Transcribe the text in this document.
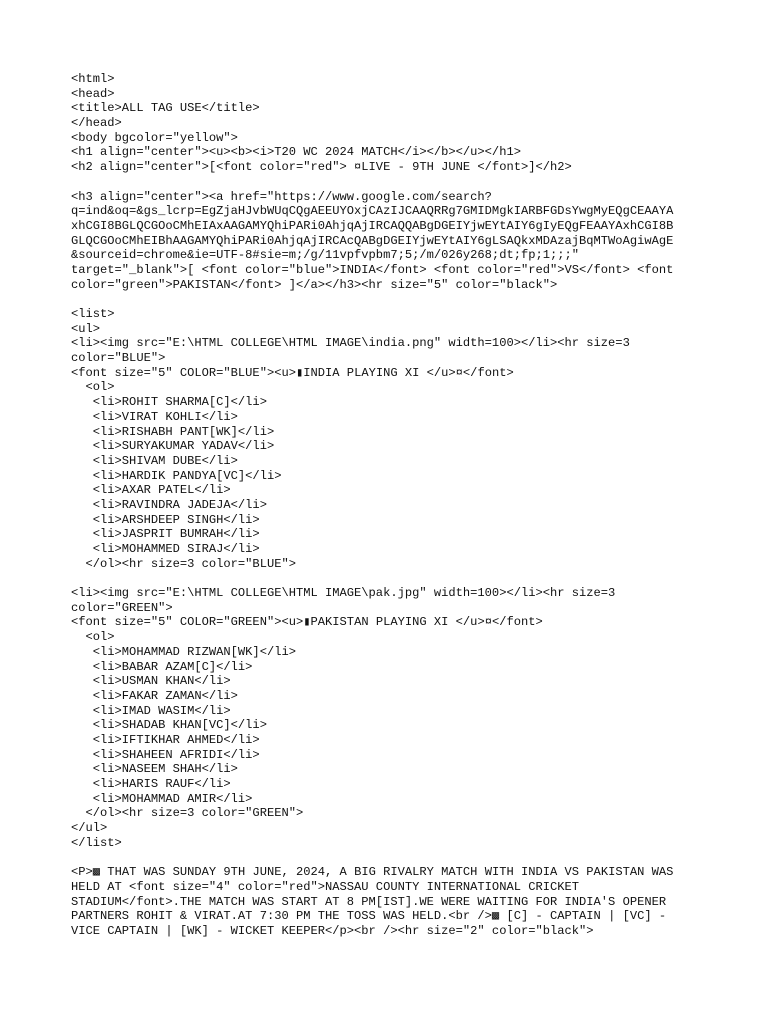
<html>
<head>
<title>ALL TAG USE</title>
</head>
<body bgcolor="yellow">
<h1 align="center"><u><b><i>T20 WC 2024 MATCH</i></b></u></h1>
<h2 align="center">[<font color="red"> ¤LIVE - 9TH JUNE </font>]</h2>
<h3 align="center"><a href="https://www.google.com/search?
q=ind&oq=&gs_lcrp=EgZjaHJvbWUqCQgAEEUYOxjCAzIJCAAQRRg7GMIDMgkIARBFGDsYwgMyEQgCEAAYA
xhCGI8BGLQCGOoCMhEIAxAAGAMYQhiPARi0AhjqAjIRCAQQABgDGEIYjwEYtAIY6gIyEQgFEAAYAxhCGI8B
GLQCGOoCMhEIBhAAGAMYQhiPARi0AhjqAjIRCAcQABgDGEIYjwEYtAIY6gLSAQkxMDAzajBqMTWoAgiwAgE
&sourceid=chrome&ie=UTF-8#sie=m;/g/11vpfvpbm7;5;/m/026y268;dt;fp;1;;;"
target="_blank">[ <font color="blue">INDIA</font> <font color="red">VS</font> <font
color="green">PAKISTAN</font> ]</a></h3><hr size="5" color="black">
<list>
<ul>
<li><img src="E:\HTML COLLEGE\HTML IMAGE\india.png" width=100></li><hr size=3
color="BLUE">
<font size="5" COLOR="BLUE"><u>▮INDIA PLAYING XI </u>¤</font>
<ol>
<li>ROHIT SHARMA[C]</li>
<li>VIRAT KOHLI</li>
<li>RISHABH PANT[WK]</li>
<li>SURYAKUMAR YADAV</li>
<li>SHIVAM DUBE</li>
<li>HARDIK PANDYA[VC]</li>
<li>AXAR PATEL</li>
<li>RAVINDRA JADEJA</li>
<li>ARSHDEEP SINGH</li>
<li>JASPRIT BUMRAH</li>
<li>MOHAMMED SIRAJ</li>
</ol><hr size=3 color="BLUE">
<li><img src="E:\HTML COLLEGE\HTML IMAGE\pak.jpg" width=100></li><hr size=3
color="GREEN">
<font size="5" COLOR="GREEN"><u>▮PAKISTAN PLAYING XI </u>¤</font>
<ol>
<li>MOHAMMAD RIZWAN[WK]</li>
<li>BABAR AZAM[C]</li>
<li>USMAN KHAN</li>
<li>FAKAR ZAMAN</li>
<li>IMAD WASIM</li>
<li>SHADAB KHAN[VC]</li>
<li>IFTIKHAR AHMED</li>
<li>SHAHEEN AFRIDI</li>
<li>NASEEM SHAH</li>
<li>HARIS RAUF</li>
<li>MOHAMMAD AMIR</li>
</ol><hr size=3 color="GREEN">
</ul>
</list>
<P>▩ THAT WAS SUNDAY 9TH JUNE, 2024, A BIG RIVALRY MATCH WITH INDIA VS PAKISTAN WAS
HELD AT <font size="4" color="red">NASSAU COUNTY INTERNATIONAL CRICKET
STADIUM</font>.THE MATCH WAS START AT 8 PM[IST].WE WERE WAITING FOR INDIA'S OPENER
PARTNERS ROHIT & VIRAT.AT 7:30 PM THE TOSS WAS HELD.<br />▩ [C] - CAPTAIN | [VC] -
VICE CAPTAIN | [WK] - WICKET KEEPER</p><br /><hr size="2" color="black">
